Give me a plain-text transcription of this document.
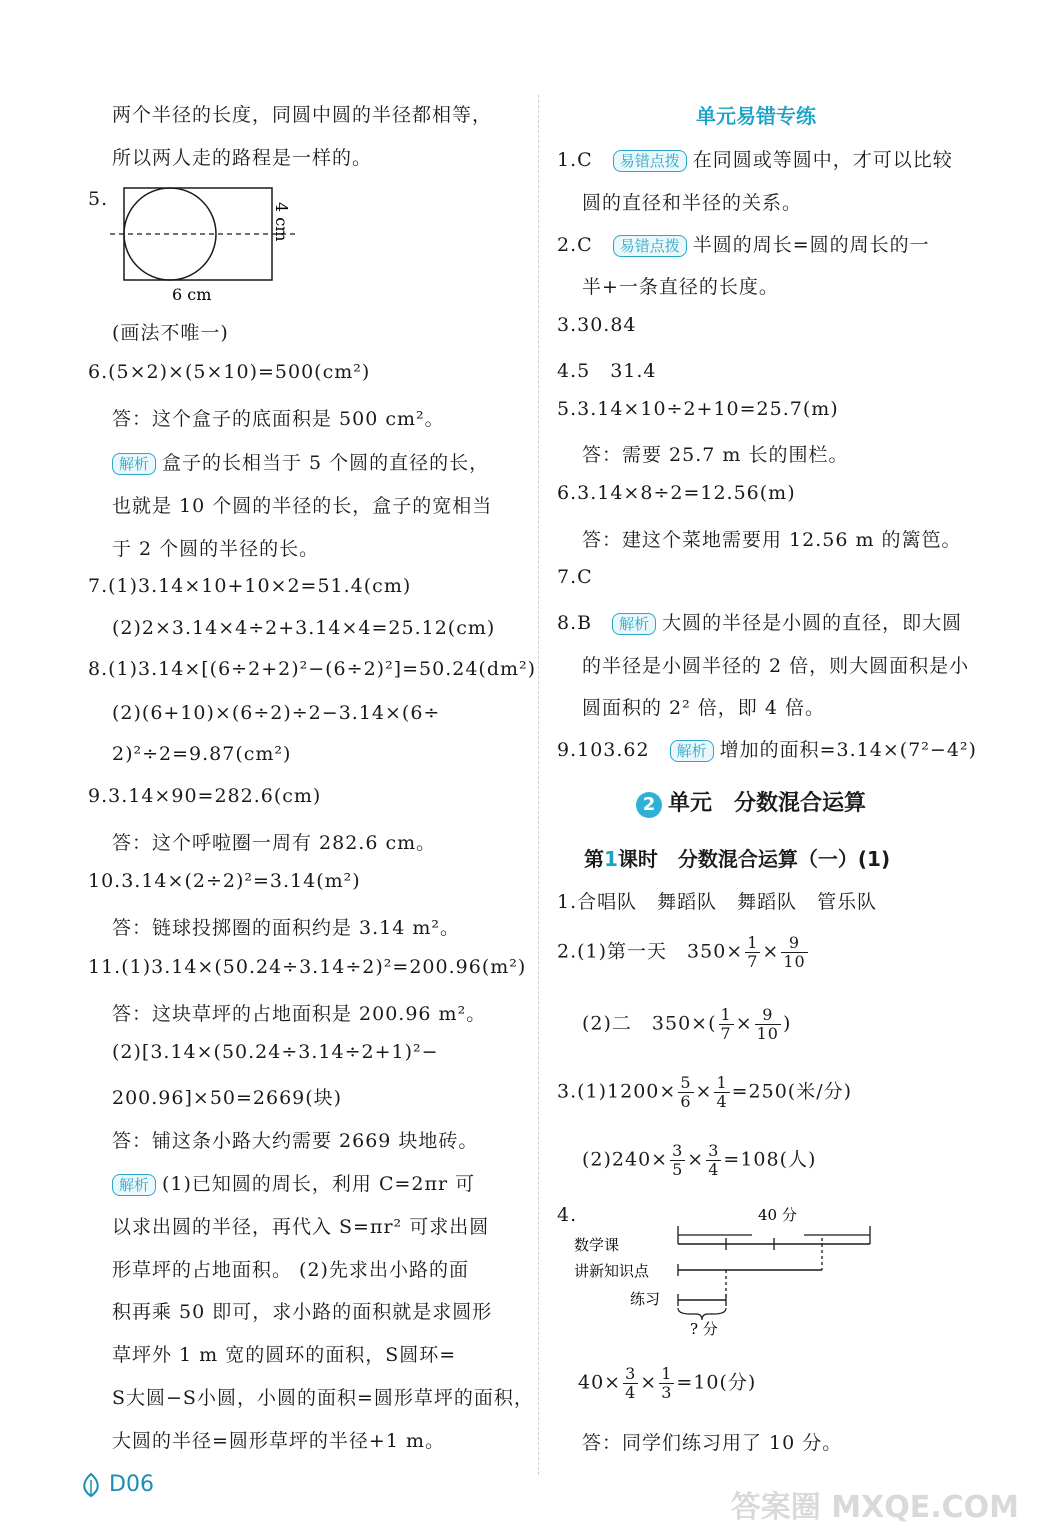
两个半径的长度，同圆中圆的半径都相等，
所以两人走的路程是一样的。
5.
6 cm
4 cm
(画法不唯一)
6.(5×2)×(5×10)=500(cm²)
答：这个盒子的底面积是 500 cm²。
解析 盒子的长相当于 5 个圆的直径的长，
也就是 10 个圆的半径的长，盒子的宽相当
于 2 个圆的半径的长。
7.(1)3.14×10+10×2=51.4(cm)
(2)2×3.14×4÷2+3.14×4=25.12(cm)
8.(1)3.14×[(6÷2+2)²−(6÷2)²]=50.24(dm²)
(2)(6+10)×(6÷2)÷2−3.14×(6÷
2)²÷2=9.87(cm²)
9.3.14×90=282.6(cm)
答：这个呼啦圈一周有 282.6 cm。
10.3.14×(2÷2)²=3.14(m²)
答：链球投掷圈的面积约是 3.14 m²。
11.(1)3.14×(50.24÷3.14÷2)²=200.96(m²)
答：这块草坪的占地面积是 200.96 m²。
(2)[3.14×(50.24÷3.14÷2+1)²−
200.96]×50=2669(块)
答：铺这条小路大约需要 2669 块地砖。
解析 (1)已知圆的周长，利用 C=2πr 可
以求出圆的半径，再代入 S=πr² 可求出圆
形草坪的占地面积。 (2)先求出小路的面
积再乘 50 即可，求小路的面积就是求圆形
草坪外 1 m 宽的圆环的面积，S圆环=
S大圆−S小圆，小圆的面积=圆形草坪的面积，
大圆的半径=圆形草坪的半径+1 m。
单元易错专练
1.C　 易错点拨 在同圆或等圆中，才可以比较
圆的直径和半径的关系。
2.C　 易错点拨 半圆的周长=圆的周长的一
半+一条直径的长度。
3.30.84
4.5　31.4
5.3.14×10÷2+10=25.7(m)
答：需要 25.7 m 长的围栏。
6.3.14×8÷2=12.56(m)
答：建这个菜地需要用 12.56 m 的篱笆。
7.C
8.B　 解析 大圆的半径是小圆的直径，即大圆
的半径是小圆半径的 2 倍，则大圆面积是小
圆面积的 2² 倍，即 4 倍。
9.103.62　 解析 增加的面积=3.14×(7²−4²)
2 单元　分数混合运算
第1课时　分数混合运算（一）(1)
1.合唱队　舞蹈队　舞蹈队　管乐队
2.(1)第一天　$350\times \frac{1}{7} \times \frac{9}{10}$
(2)二　$350\times( \frac{1}{7} \times \frac{9}{10}$ )
$3.(1)1200\times \frac{5}{6} \times \frac{1}{4} =250$(米/分)
$(2)240\times \frac{3}{5} \times \frac{3}{4} =108$(人)
4.	40 分
数学课
讲新知识点
练习
? 分
$40\times \frac{3}{4} \times \frac{1}{3} =10$(分)
答：同学们练习用了 10 分。
D06
答案圈 MXQE.COM
